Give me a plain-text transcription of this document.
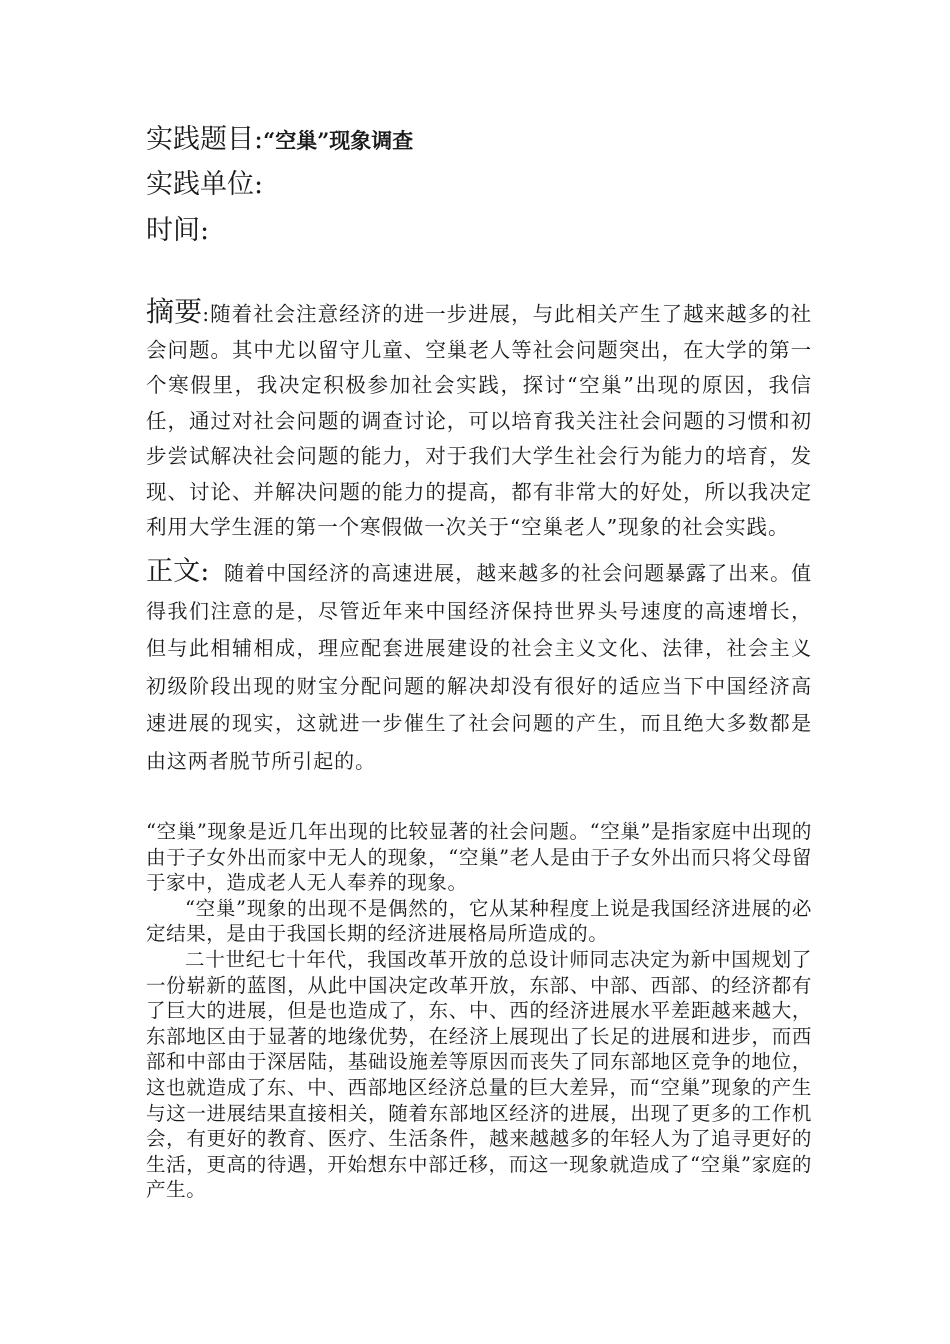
实践题目:“空巢”现象调查
实践单位:
时间:

摘要:随着社会注意经济的进一步进展，与此相关产生了越来越多的社会问题。其中尤以留守儿童、空巢老人等社会问题突出，在大学的第一个寒假里，我决定积极参加社会实践，探讨“空巢”出现的原因，我信任，通过对社会问题的调查讨论，可以培育我关注社会问题的习惯和初步尝试解决社会问题的能力，对于我们大学生社会行为能力的培育，发现、讨论、并解决问题的能力的提高，都有非常大的好处，所以我决定利用大学生涯的第一个寒假做一次关于“空巢老人”现象的社会实践。

正文: 随着中国经济的高速进展，越来越多的社会问题暴露了出来。值得我们注意的是，尽管近年来中国经济保持世界头号速度的高速增长，但与此相辅相成，理应配套进展建设的社会主义文化、法律，社会主义初级阶段出现的财宝分配问题的解决却没有很好的适应当下中国经济高速进展的现实，这就进一步催生了社会问题的产生，而且绝大多数都是由这两者脱节所引起的。

“空巢”现象是近几年出现的比较显著的社会问题。“空巢”是指家庭中出现的由于子女外出而家中无人的现象，“空巢”老人是由于子女外出而只将父母留于家中，造成老人无人奉养的现象。

“空巢”现象的出现不是偶然的，它从某种程度上说是我国经济进展的必定结果，是由于我国长期的经济进展格局所造成的。

二十世纪七十年代，我国改革开放的总设计师同志决定为新中国规划了一份崭新的蓝图，从此中国决定改革开放，东部、中部、西部、的经济都有了巨大的进展，但是也造成了，东、中、西的经济进展水平差距越来越大，东部地区由于显著的地缘优势，在经济上展现出了长足的进展和进步，而西部和中部由于深居陆，基础设施差等原因而丧失了同东部地区竞争的地位，这也就造成了东、中、西部地区经济总量的巨大差异，而“空巢”现象的产生与这一进展结果直接相关，随着东部地区经济的进展，出现了更多的工作机会，有更好的教育、医疗、生活条件，越来越越多的年轻人为了追寻更好的生活，更高的待遇，开始想东中部迁移，而这一现象就造成了“空巢”家庭的产生。
